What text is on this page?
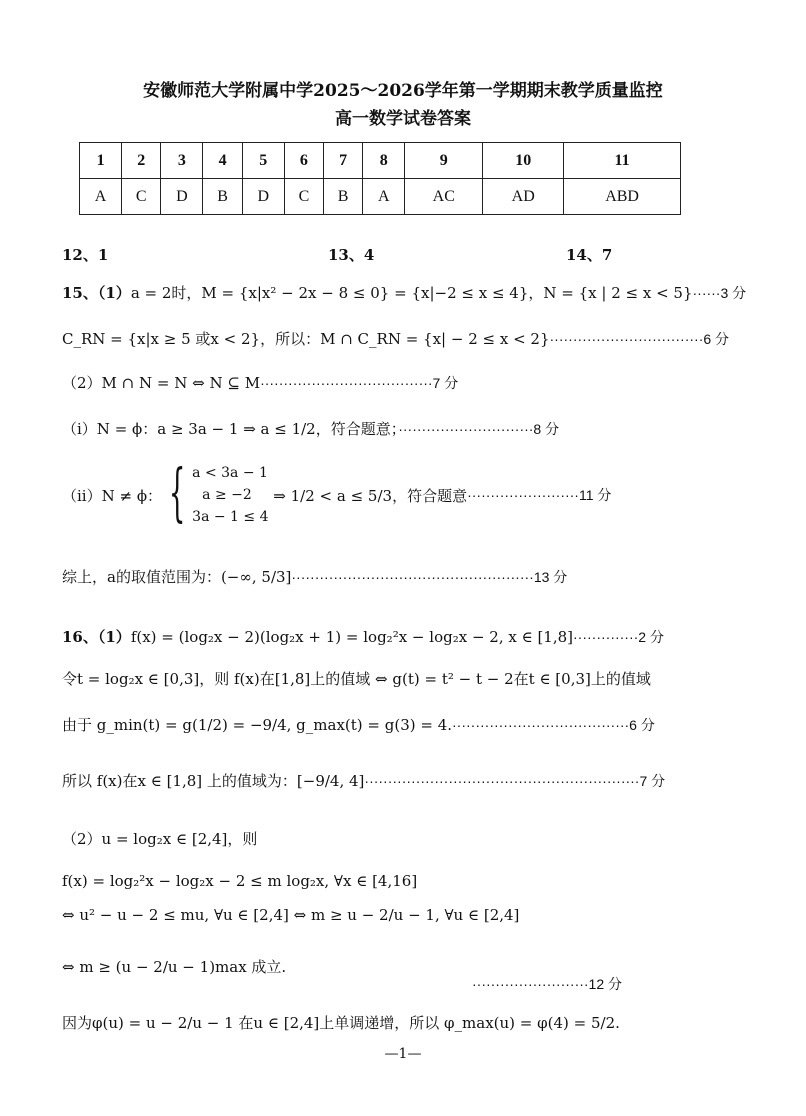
安徽师范大学附属中学2025～2026学年第一学期期末教学质量监控
高一数学试卷答案
1	2	3	4	5	6	7	8	9	10	11
A	C	D	B	D	C	B	A	AC	AD	ABD
12、1	13、4	14、7
15、（1）a = 2时，M = {x|x² − 2x − 8 ≤ 0} = {x|−2 ≤ x ≤ 4}，N = {x | 2 ≤ x < 5}······3 分
C_RN = {x|x ≥ 5 或x < 2}，所以：M ∩ C_RN = {x| − 2 ≤ x < 2}·································6 分
（2）M ∩ N = N ⇔ N ⊆ M·····································7 分
（i）N = ϕ：a ≥ 3a − 1 ⇒ a ≤ 1/2，符合题意；·····························8 分
（ii）N ≠ ϕ： { a < 3a − 1
a ≥ −2
3a − 1 ≤ 4
⇒ 1/2 < a ≤ 5/3，符合题意························11 分
综上，a的取值范围为：(−∞, 5/3]····················································13 分
16、（1）f(x) = (log₂x − 2)(log₂x + 1) = log₂²x − log₂x − 2, x ∈ [1,8]··············2 分
令t = log₂x ∈ [0,3]，则 f(x)在[1,8]上的值域 ⇔ g(t) = t² − t − 2在t ∈ [0,3]上的值域
由于 g_min(t) = g(1/2) = −9/4, g_max(t) = g(3) = 4.······································6 分
所以 f(x)在x ∈ [1,8] 上的值域为：[−9/4, 4]···························································7 分
（2）u = log₂x ∈ [2,4]，则
f(x) = log₂²x − log₂x − 2 ≤ m log₂x, ∀x ∈ [4,16]
⇔ u² − u − 2 ≤ mu, ∀u ∈ [2,4] ⇔ m ≥ u − 2/u − 1, ∀u ∈ [2,4]
⇔ m ≥ (u − 2/u − 1)max 成立.
·························12 分
因为φ(u) = u − 2/u − 1 在u ∈ [2,4]上单调递增，所以 φ_max(u) = φ(4) = 5/2.
—1—
